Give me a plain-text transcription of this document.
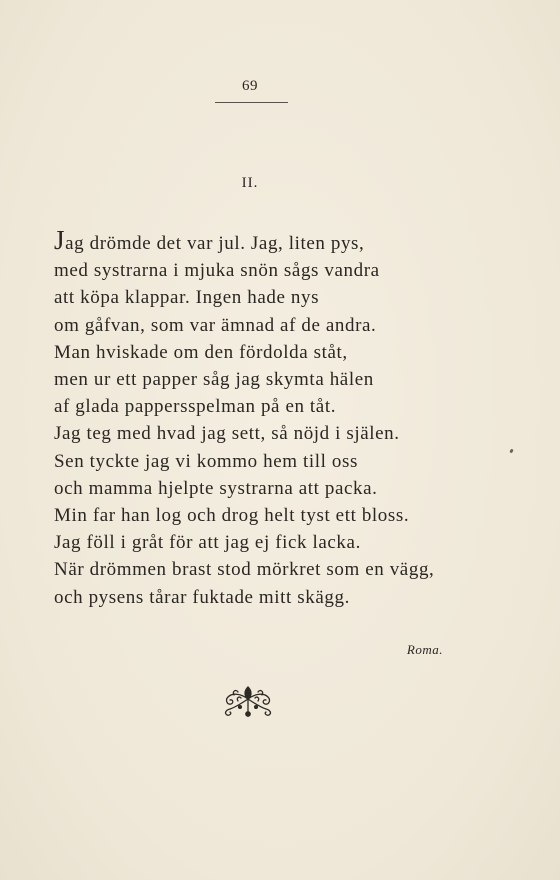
69
II.
Jag drömde det var jul. Jag, liten pys,
med systrarna i mjuka snön sågs vandra
att köpa klappar. Ingen hade nys
om gåfvan, som var ämnad af de andra.
Man hviskade om den fördolda ståt,
men ur ett papper såg jag skymta hälen
af glada pappersspelman på en tåt.
Jag teg med hvad jag sett, så nöjd i själen.
Sen tyckte jag vi kommo hem till oss
och mamma hjelpte systrarna att packa.
Min far han log och drog helt tyst ett bloss.
Jag föll i gråt för att jag ej fick lacka.
När drömmen brast stod mörkret som en vägg,
och pysens tårar fuktade mitt skägg.
Roma.
